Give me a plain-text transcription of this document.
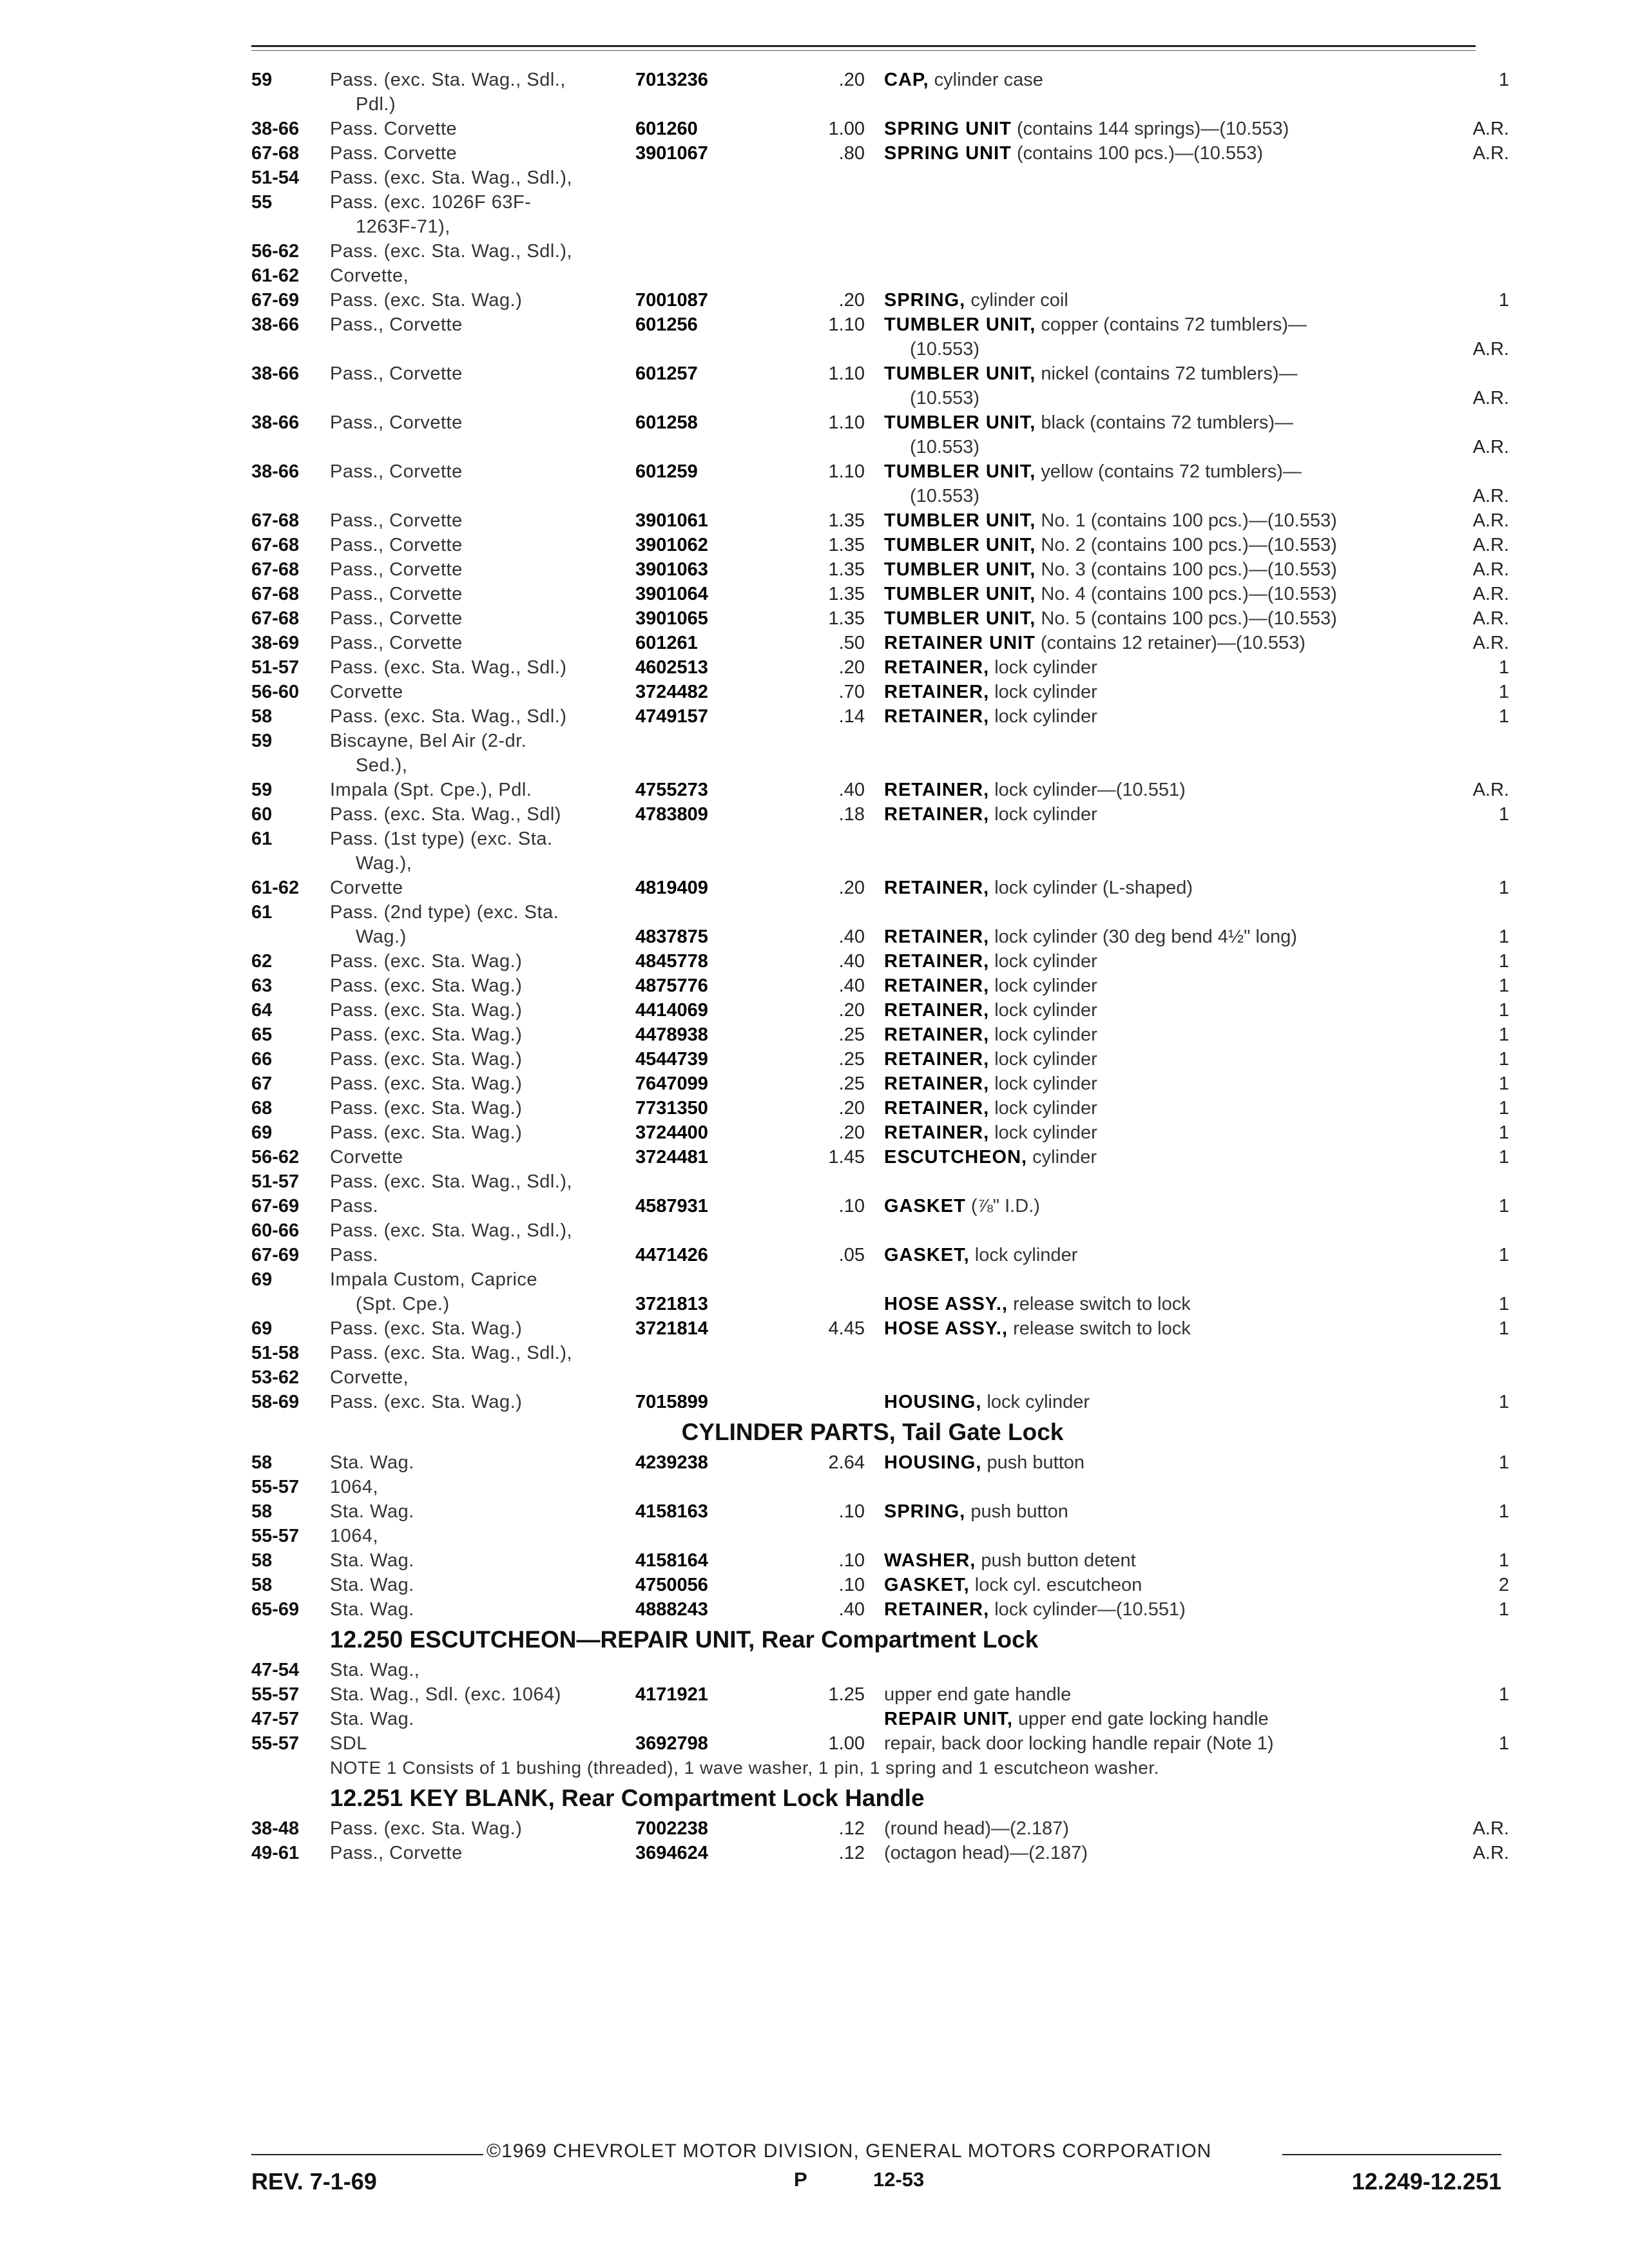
59	Pass. (exc. Sta. Wag., Sdl.,
Pdl.)
7013236	.20 CAP, cylinder case	1
38-66 Pass. Corvette	601260	1.00 SPRING UNIT (contains 144 springs)—(10.553)	A.R.
67-68 Pass. Corvette	3901067	.80 SPRING UNIT (contains 100 pcs.)—(10.553)	A.R.
51-54 Pass. (exc. Sta. Wag., Sdl.),
55	Pass. (exc. 1026F 63F-
1263F-71),
56-62 Pass. (exc. Sta. Wag., Sdl.),
61-62 Corvette,
67-69 Pass. (exc. Sta. Wag.)	7001087	.20 SPRING, cylinder coil	1
38-66 Pass., Corvette	601256	1.10 TUMBLER UNIT, copper (contains 72 tumblers)—
(10.553)	A.R.
38-66 Pass., Corvette	601257	1.10 TUMBLER UNIT, nickel (contains 72 tumblers)—
(10.553)	A.R.
38-66 Pass., Corvette	601258	1.10 TUMBLER UNIT, black (contains 72 tumblers)—
(10.553)	A.R.
38-66 Pass., Corvette	601259	1.10 TUMBLER UNIT, yellow (contains 72 tumblers)—
(10.553)	A.R.
67-68 Pass., Corvette	3901061	1.35 TUMBLER UNIT, No. 1 (contains 100 pcs.)—(10.553)	A.R.
67-68 Pass., Corvette	3901062	1.35 TUMBLER UNIT, No. 2 (contains 100 pcs.)—(10.553)	A.R.
67-68 Pass., Corvette	3901063	1.35 TUMBLER UNIT, No. 3 (contains 100 pcs.)—(10.553)	A.R.
67-68 Pass., Corvette	3901064	1.35 TUMBLER UNIT, No. 4 (contains 100 pcs.)—(10.553)	A.R.
67-68 Pass., Corvette	3901065	1.35 TUMBLER UNIT, No. 5 (contains 100 pcs.)—(10.553)	A.R.
38-69 Pass., Corvette	601261	.50 RETAINER UNIT (contains 12 retainer)—(10.553)	A.R.
51-57 Pass. (exc. Sta. Wag., Sdl.)	4602513	.20 RETAINER, lock cylinder	1
56-60 Corvette	3724482	.70 RETAINER, lock cylinder	1
58	Pass. (exc. Sta. Wag., Sdl.)	4749157	.14 RETAINER, lock cylinder	1
59	Biscayne, Bel Air (2-dr.
Sed.),
59	Impala (Spt. Cpe.), Pdl.	4755273	.40 RETAINER, lock cylinder—(10.551)	A.R.
60	Pass. (exc. Sta. Wag., Sdl)	4783809	.18 RETAINER, lock cylinder	1
61	Pass. (1st type) (exc. Sta.
Wag.),
61-62 Corvette	4819409	.20 RETAINER, lock cylinder (L-shaped)	1
61	Pass. (2nd type) (exc. Sta.
Wag.)	4837875	.40 RETAINER, lock cylinder (30 deg bend 4½" long)	1
62	Pass. (exc. Sta. Wag.)	4845778	.40 RETAINER, lock cylinder	1
63	Pass. (exc. Sta. Wag.)	4875776	.40 RETAINER, lock cylinder	1
64	Pass. (exc. Sta. Wag.)	4414069	.20 RETAINER, lock cylinder	1
65	Pass. (exc. Sta. Wag.)	4478938	.25 RETAINER, lock cylinder	1
66	Pass. (exc. Sta. Wag.)	4544739	.25 RETAINER, lock cylinder	1
67	Pass. (exc. Sta. Wag.)	7647099	.25 RETAINER, lock cylinder	1
68	Pass. (exc. Sta. Wag.)	7731350	.20 RETAINER, lock cylinder	1
69	Pass. (exc. Sta. Wag.)	3724400	.20 RETAINER, lock cylinder	1
56-62 Corvette	3724481	1.45 ESCUTCHEON, cylinder	1
51-57 Pass. (exc. Sta. Wag., Sdl.),
67-69 Pass.	4587931	.10 GASKET (⅞" I.D.)	1
60-66 Pass. (exc. Sta. Wag., Sdl.),
67-69 Pass.	4471426	.05 GASKET, lock cylinder	1
69	Impala Custom, Caprice
(Spt. Cpe.)	3721813	HOSE ASSY., release switch to lock	1
69	Pass. (exc. Sta. Wag.)	3721814	4.45 HOSE ASSY., release switch to lock	1
51-58 Pass. (exc. Sta. Wag., Sdl.),
53-62 Corvette,
58-69 Pass. (exc. Sta. Wag.)	7015899	HOUSING, lock cylinder	1
CYLINDER PARTS, Tail Gate Lock
58	Sta. Wag.	4239238	2.64 HOUSING, push button	1
55-57 1064,
58	Sta. Wag.	4158163	.10 SPRING, push button	1
55-57 1064,
58	Sta. Wag.	4158164	.10 WASHER, push button detent	1
58	Sta. Wag.	4750056	.10 GASKET, lock cyl. escutcheon	2
65-69 Sta. Wag.	4888243	.40 RETAINER, lock cylinder—(10.551)	1
12.250 ESCUTCHEON—REPAIR UNIT, Rear Compartment Lock
47-54 Sta. Wag.,
55-57 Sta. Wag., Sdl. (exc. 1064)	4171921	1.25 upper end gate handle	1
47-57 Sta. Wag.	REPAIR UNIT, upper end gate locking handle
55-57 SDL	3692798	1.00 repair, back door locking handle repair (Note 1)	1
NOTE 1 Consists of 1 bushing (threaded), 1 wave washer, 1 pin, 1 spring and 1 escutcheon washer.
12.251 KEY BLANK, Rear Compartment Lock Handle
38-48 Pass. (exc. Sta. Wag.)	7002238	.12 (round head)—(2.187)	A.R.
49-61 Pass., Corvette	3694624	.12 (octagon head)—(2.187)	A.R.
©1969 CHEVROLET MOTOR DIVISION, GENERAL MOTORS CORPORATION
REV. 7-1-69	P	12-53	12.249-12.251
